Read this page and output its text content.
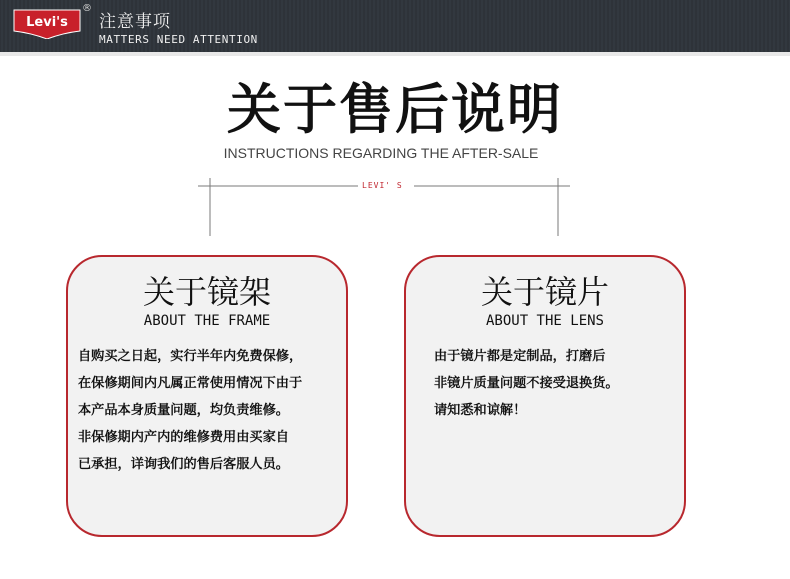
Levi's
®
注意事项
MATTERS NEED ATTENTION
关于售后说明
INSTRUCTIONS REGARDING THE AFTER-SALE
LEVI' S
关于镜架
ABOUT THE FRAME
自购买之日起，实行半年内免费保修，
在保修期间内凡属正常使用情况下由于
本产品本身质量问题，均负责维修。
非保修期内产内的维修费用由买家自
已承担，详询我们的售后客服人员。
关于镜片
ABOUT THE LENS
由于镜片都是定制品，打磨后
非镜片质量问题不接受退换货。
请知悉和谅解！
